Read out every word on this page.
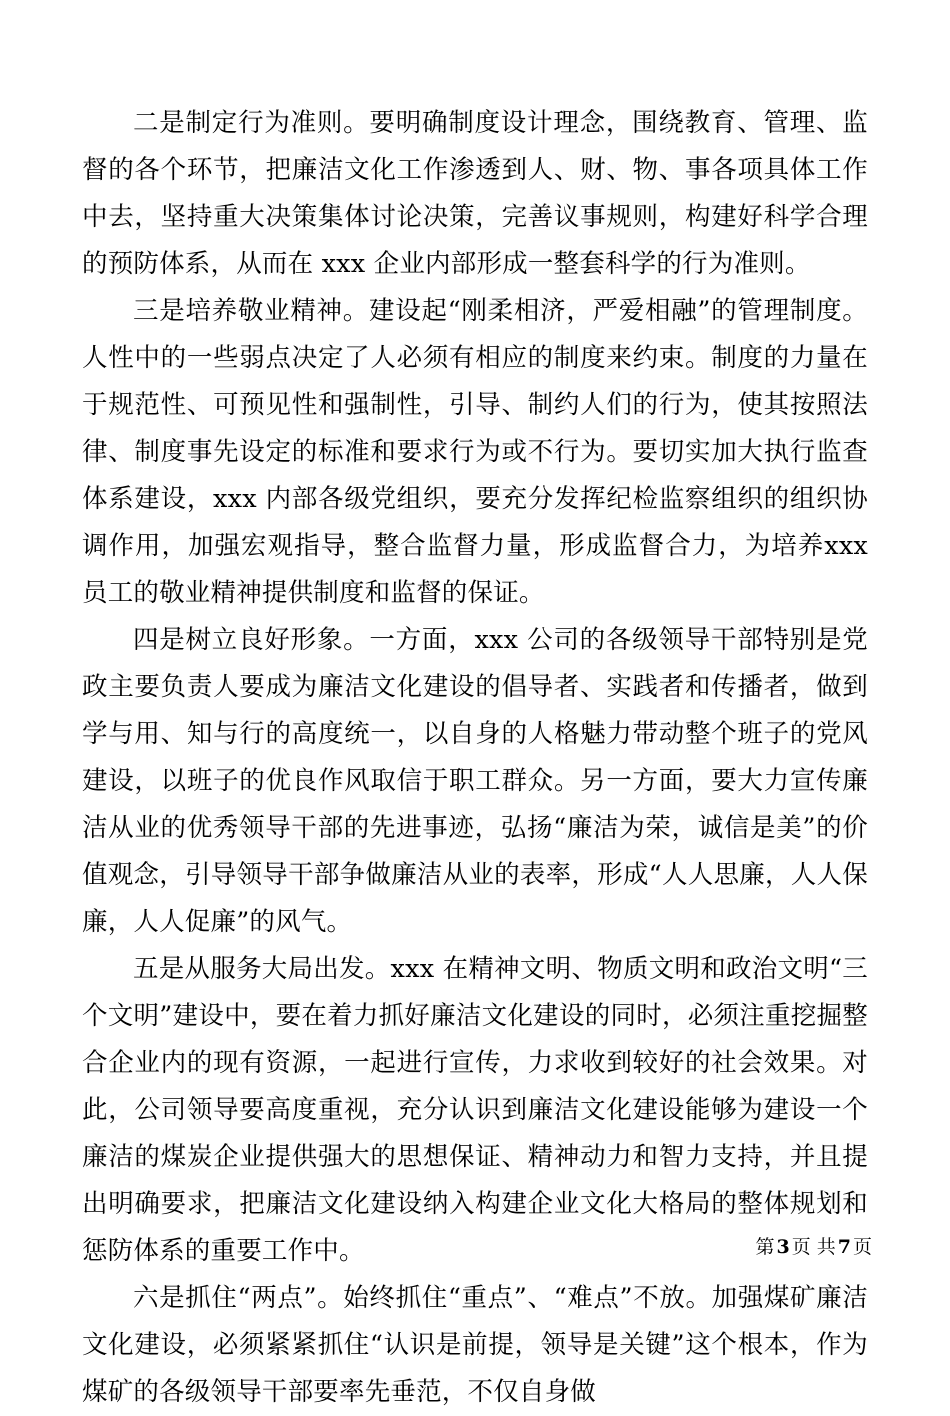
二是制定行为准则。要明确制度设计理念，围绕教育、管理、监督的各个环节，把廉洁文化工作渗透到人、财、物、事各项具体工作中去，坚持重大决策集体讨论决策，完善议事规则，构建好科学合理的预防体系，从而在 xxx 企业内部形成一整套科学的行为准则。

三是培养敬业精神。建设起“刚柔相济，严爱相融”的管理制度。人性中的一些弱点决定了人必须有相应的制度来约束。制度的力量在于规范性、可预见性和强制性，引导、制约人们的行为，使其按照法律、制度事先设定的标准和要求行为或不行为。要切实加大执行监查体系建设，xxx 内部各级党组织，要充分发挥纪检监察组织的组织协调作用，加强宏观指导，整合监督力量，形成监督合力，为培养xxx 员工的敬业精神提供制度和监督的保证。

四是树立良好形象。一方面，xxx 公司的各级领导干部特别是党政主要负责人要成为廉洁文化建设的倡导者、实践者和传播者，做到学与用、知与行的高度统一，以自身的人格魅力带动整个班子的党风建设，以班子的优良作风取信于职工群众。另一方面，要大力宣传廉洁从业的优秀领导干部的先进事迹，弘扬“廉洁为荣，诚信是美”的价值观念，引导领导干部争做廉洁从业的表率，形成“人人思廉，人人保廉，人人促廉”的风气。

五是从服务大局出发。xxx 在精神文明、物质文明和政治文明“三个文明”建设中，要在着力抓好廉洁文化建设的同时，必须注重挖掘整合企业内的现有资源，一起进行宣传，力求收到较好的社会效果。对此，公司领导要高度重视，充分认识到廉洁文化建设能够为建设一个廉洁的煤炭企业提供强大的思想保证、精神动力和智力支持，并且提出明确要求，把廉洁文化建设纳入构建企业文化大格局的整体规划和惩防体系的重要工作中。

六是抓住“两点”。始终抓住“重点”、“难点”不放。加强煤矿廉洁文化建设，必须紧紧抓住“认识是前提，领导是关键”这个根本，作为煤矿的各级领导干部要率先垂范，不仅自身做

第 3 页 共 7 页
